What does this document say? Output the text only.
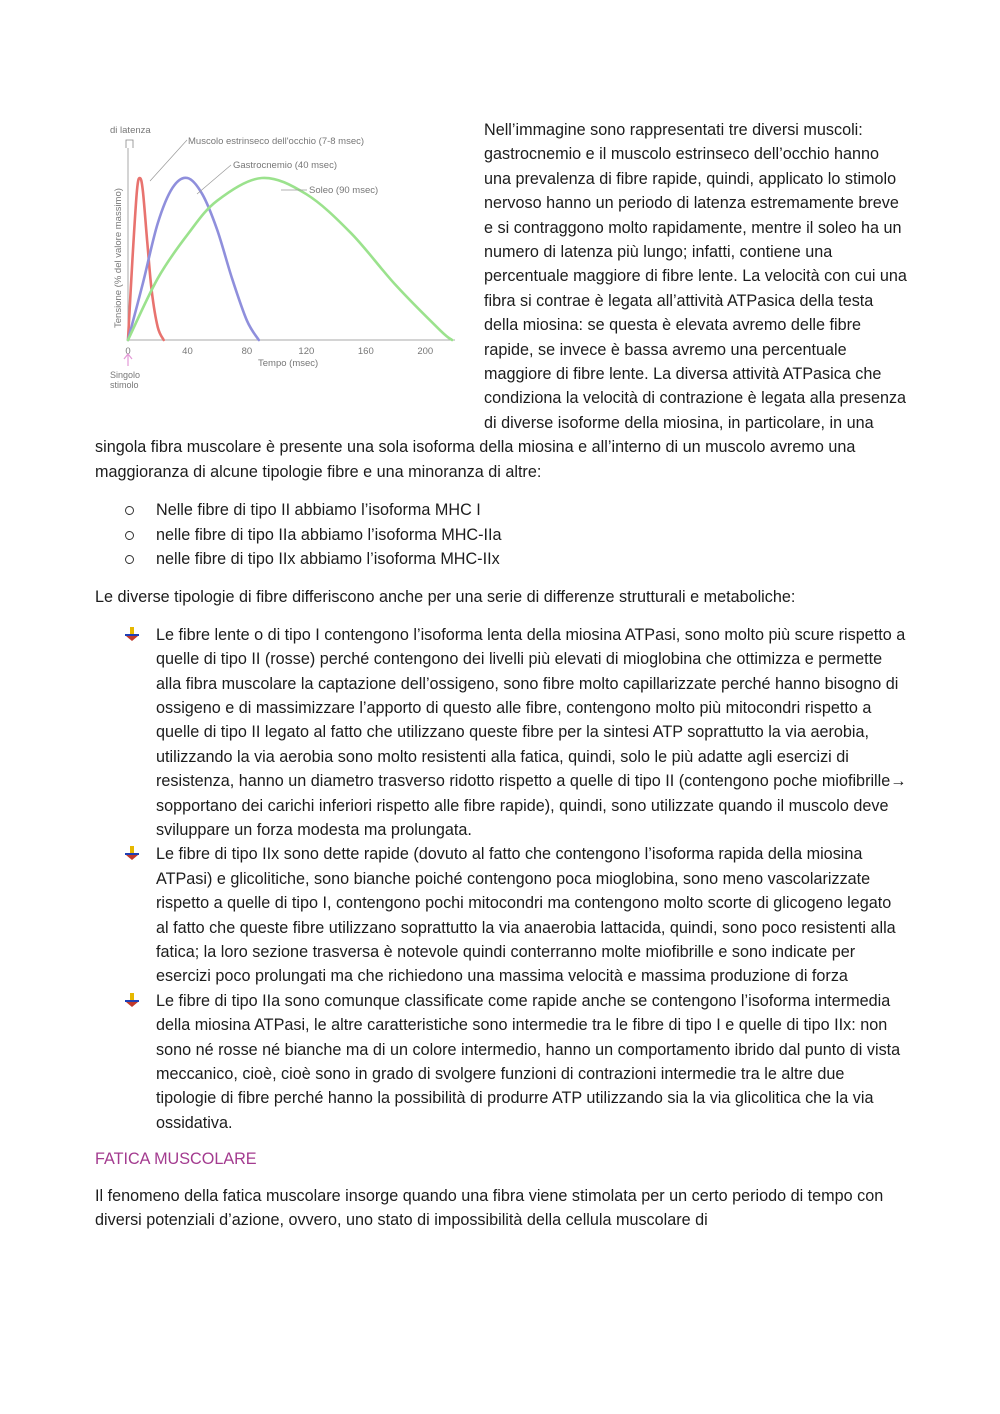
di latenza
Tensione (% del valore massimo)
0	40	80	120	160	200
Tempo (msec)
Singolo
stimolo
Muscolo estrinseco dell'occhio (7-8 msec)
Gastrocnemio (40 msec)
Soleo (90 msec)

Nell’immagine sono rappresentati tre diversi muscoli: gastrocnemio e il muscolo estrinseco dell’occhio hanno una prevalenza di fibre rapide, quindi, applicato lo stimolo nervoso hanno un periodo di latenza estremamente breve e si contraggono molto rapidamente, mentre il soleo ha un numero di latenza più lungo; infatti, contiene una percentuale maggiore di fibre lente. La velocità con cui una fibra si contrae è legata all’attività ATPasica della testa della miosina: se questa è elevata avremo delle fibre rapide, se invece è bassa avremo una percentuale maggiore di fibre lente. La diversa attività ATPasica che condiziona la velocità di contrazione è legata alla presenza di diverse isoforme della miosina, in particolare, in una singola fibra muscolare è presente una sola isoforma della miosina e all’interno di un muscolo avremo una maggioranza di alcune tipologie fibre e una minoranza di altre:

Nelle fibre di tipo II abbiamo l’isoforma MHC I
nelle fibre di tipo IIa abbiamo l’isoforma MHC-IIa
nelle fibre di tipo IIx abbiamo l’isoforma MHC-IIx

Le diverse tipologie di fibre differiscono anche per una serie di differenze strutturali e metaboliche:

Le fibre lente o di tipo I contengono l’isoforma lenta della miosina ATPasi, sono molto più scure rispetto a quelle di tipo II (rosse) perché contengono dei livelli più elevati di mioglobina che ottimizza e permette alla fibra muscolare la captazione dell’ossigeno, sono fibre molto capillarizzate perché hanno bisogno di ossigeno e di massimizzare l’apporto di questo alle fibre, contengono molto più mitocondri rispetto a quelle di tipo II legato al fatto che utilizzano queste fibre per la sintesi ATP soprattutto la via aerobia, utilizzando la via aerobia sono molto resistenti alla fatica, quindi, solo le più adatte agli esercizi di resistenza, hanno un diametro trasverso ridotto rispetto a quelle di tipo II (contengono poche miofibrille→ sopportano dei carichi inferiori rispetto alle fibre rapide), quindi, sono utilizzate quando il muscolo deve sviluppare un forza modesta ma prolungata.
Le fibre di tipo IIx sono dette rapide (dovuto al fatto che contengono l’isoforma rapida della miosina ATPasi) e glicolitiche, sono bianche poiché contengono poca mioglobina, sono meno vascolarizzate rispetto a quelle di tipo I, contengono pochi mitocondri ma contengono molto scorte di glicogeno legato al fatto che queste fibre utilizzano soprattutto la via anaerobia lattacida, quindi, sono poco resistenti alla fatica; la loro sezione trasversa è notevole quindi conterranno molte miofibrille e sono indicate per esercizi poco prolungati ma che richiedono una massima velocità e massima produzione di forza
Le fibre di tipo IIa sono comunque classificate come rapide anche se contengono l’isoforma intermedia della miosina ATPasi, le altre caratteristiche sono intermedie tra le fibre di tipo I e quelle di tipo IIx: non sono né rosse né bianche ma di un colore intermedio, hanno un comportamento ibrido dal punto di vista meccanico, cioè, cioè sono in grado di svolgere funzioni di contrazioni intermedie tra le altre due tipologie di fibre perché hanno la possibilità di produrre ATP utilizzando sia la via glicolitica che la via ossidativa.
FATICA MUSCOLARE

Il fenomeno della fatica muscolare insorge quando una fibra viene stimolata per un certo periodo di tempo con diversi potenziali d’azione, ovvero, uno stato di impossibilità della cellula muscolare di
